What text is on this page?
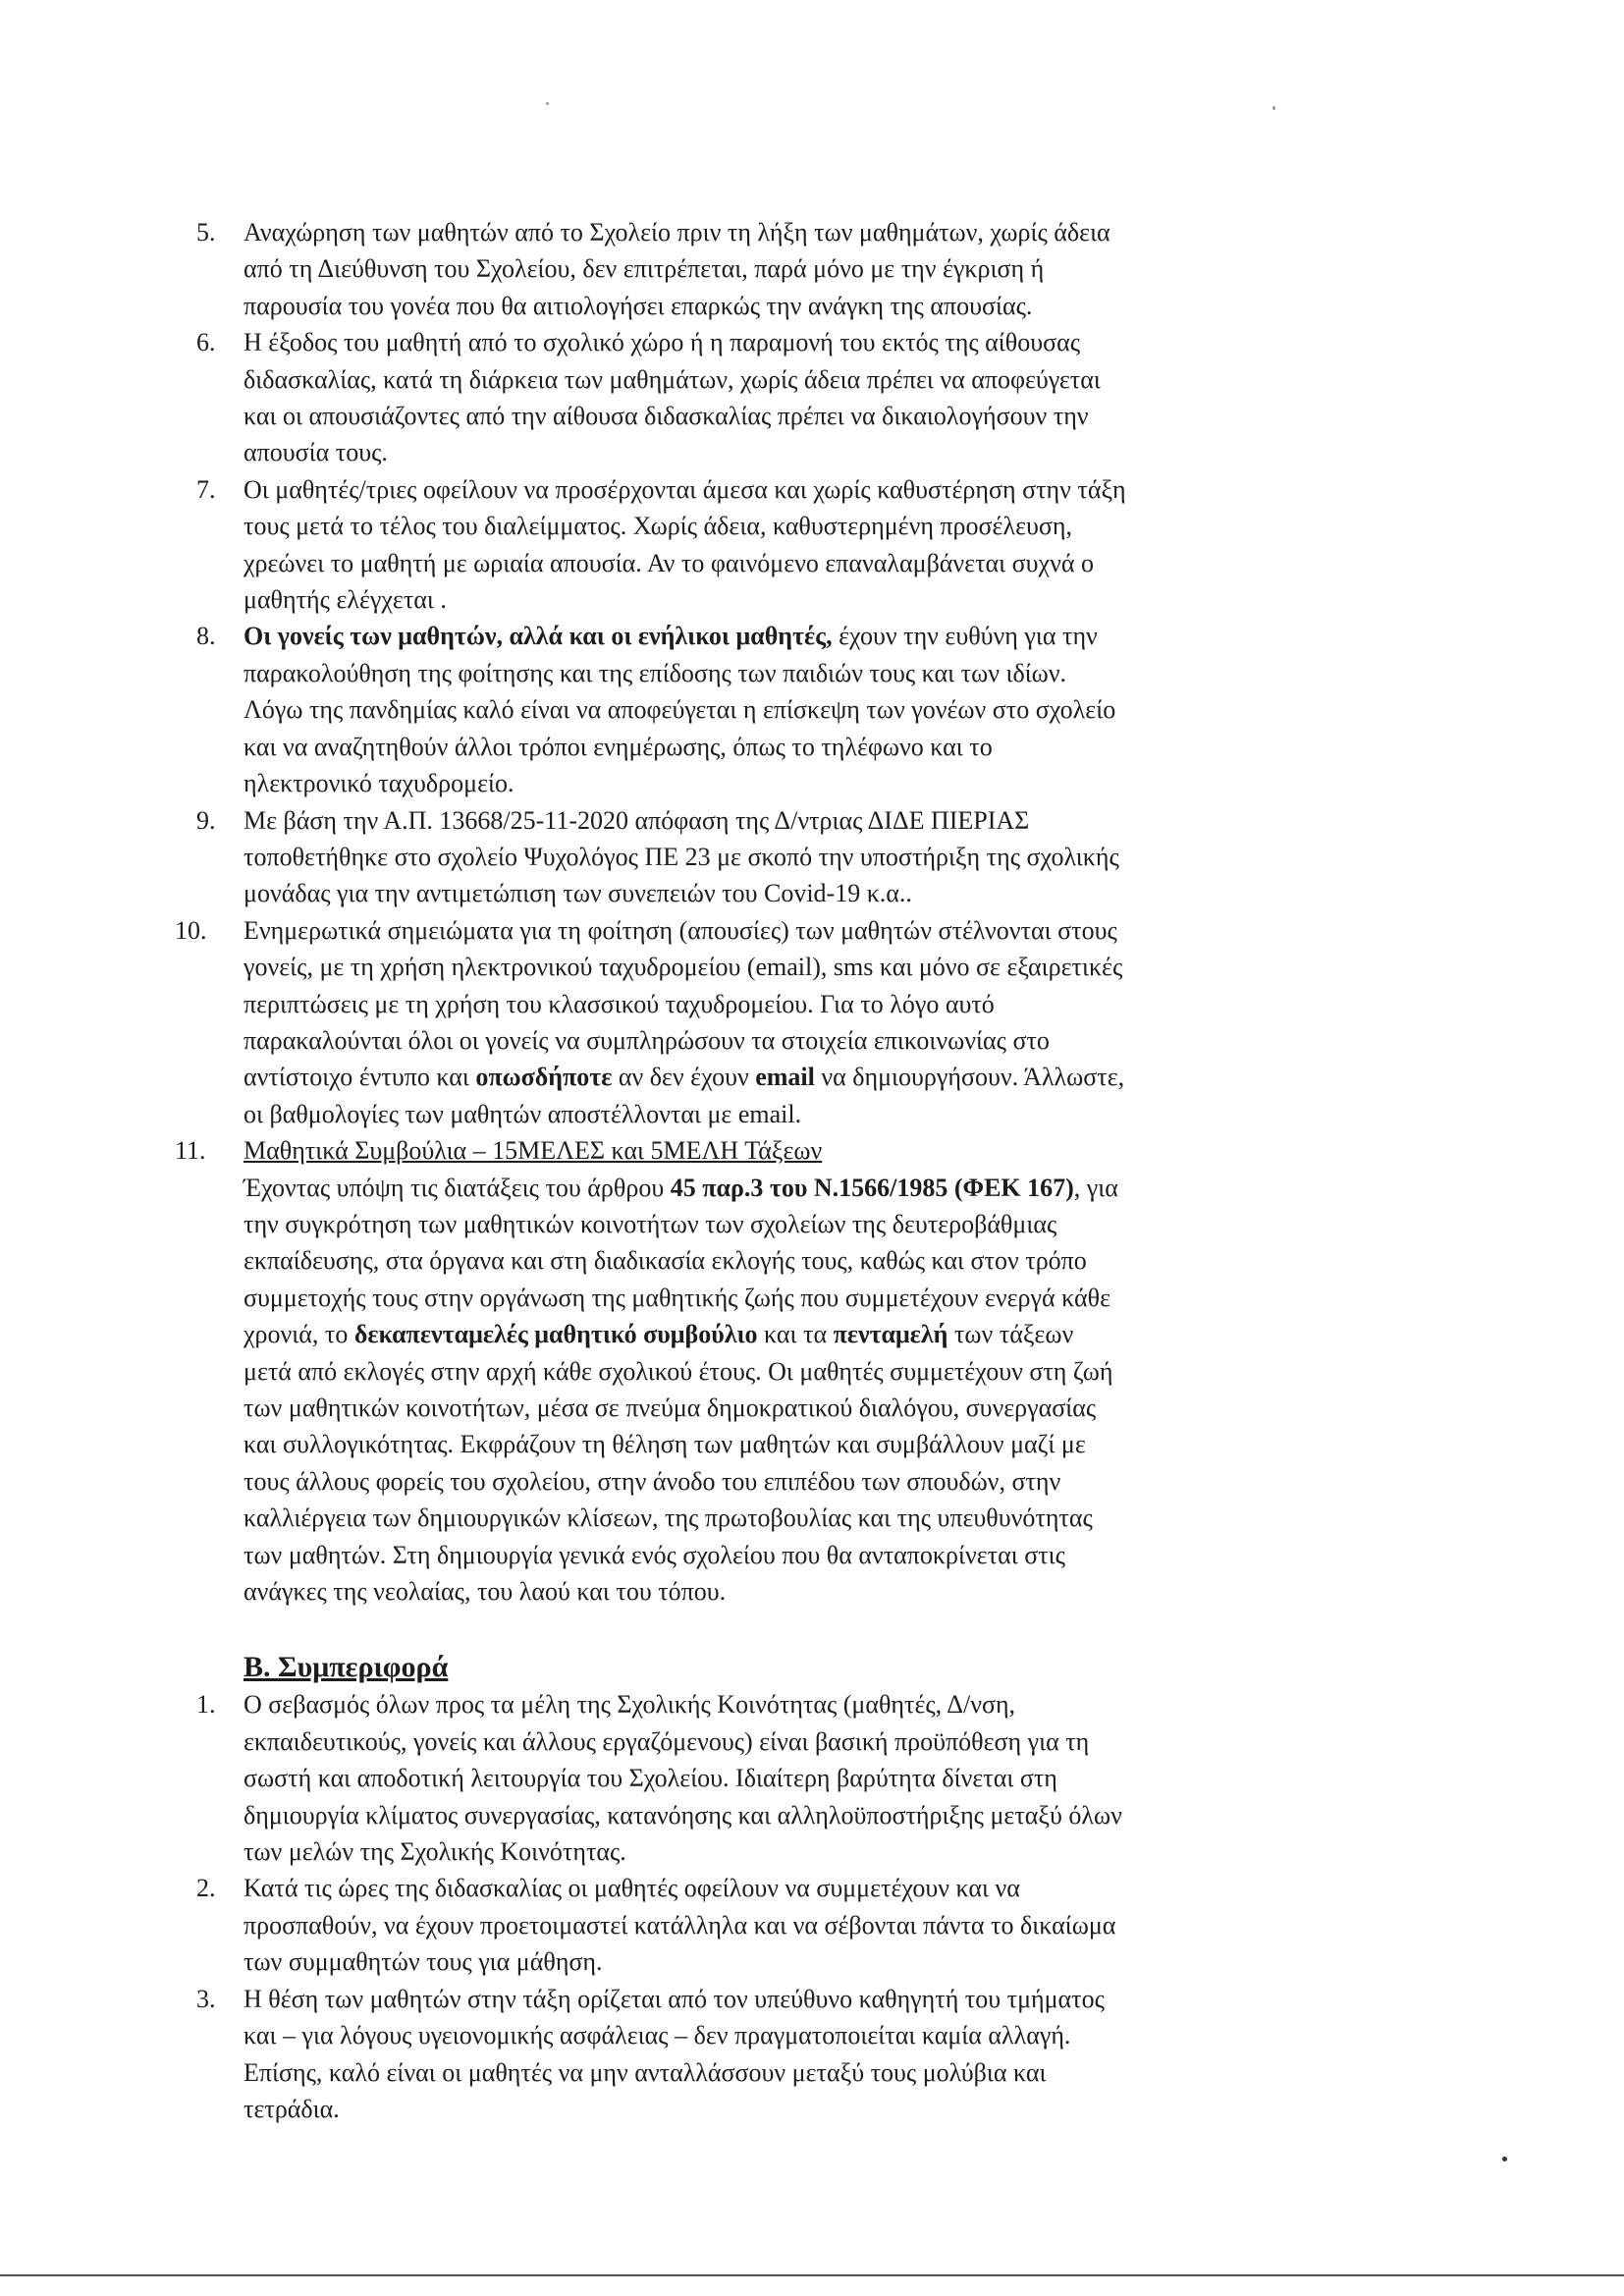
5.	Αναχώρηση των μαθητών από το Σχολείο πριν τη λήξη των μαθημάτων, χωρίς άδεια
από τη Διεύθυνση του Σχολείου, δεν επιτρέπεται, παρά μόνο με την έγκριση ή
παρουσία του γονέα που θα αιτιολογήσει επαρκώς την ανάγκη της απουσίας.
6.	Η έξοδος του μαθητή από το σχολικό χώρο ή η παραμονή του εκτός της αίθουσας
διδασκαλίας, κατά τη διάρκεια των μαθημάτων, χωρίς άδεια πρέπει να αποφεύγεται
και οι απουσιάζοντες από την αίθουσα διδασκαλίας πρέπει να δικαιολογήσουν την
απουσία τους.
7.	Οι μαθητές/τριες οφείλουν να προσέρχονται άμεσα και χωρίς καθυστέρηση στην τάξη
τους μετά το τέλος του διαλείμματος. Χωρίς άδεια, καθυστερημένη προσέλευση,
χρεώνει το μαθητή με ωριαία απουσία. Αν το φαινόμενο επαναλαμβάνεται συχνά ο
μαθητής ελέγχεται .
8.	Οι γονείς των μαθητών, αλλά και οι ενήλικοι μαθητές, έχουν την ευθύνη για την
παρακολούθηση της φοίτησης και της επίδοσης των παιδιών τους και των ιδίων.
Λόγω της πανδημίας καλό είναι να αποφεύγεται η επίσκεψη των γονέων στο σχολείο
και να αναζητηθούν άλλοι τρόποι ενημέρωσης, όπως το τηλέφωνο και το
ηλεκτρονικό ταχυδρομείο.
9.	Με βάση την Α.Π. 13668/25-11-2020 απόφαση της Δ/ντριας ΔΙΔΕ ΠΙΕΡΙΑΣ
τοποθετήθηκε στο σχολείο Ψυχολόγος ΠΕ 23 με σκοπό την υποστήριξη της σχολικής
μονάδας για την αντιμετώπιση των συνεπειών του Covid-19 κ.α..
10. Ενημερωτικά σημειώματα για τη φοίτηση (απουσίες) των μαθητών στέλνονται στους
γονείς, με τη χρήση ηλεκτρονικού ταχυδρομείου (email), sms και μόνο σε εξαιρετικές
περιπτώσεις με τη χρήση του κλασσικού ταχυδρομείου. Για το λόγο αυτό
παρακαλούνται όλοι οι γονείς να συμπληρώσουν τα στοιχεία επικοινωνίας στο
αντίστοιχο έντυπο και οπωσδήποτε αν δεν έχουν email να δημιουργήσουν. Άλλωστε,
οι βαθμολογίες των μαθητών αποστέλλονται με email.
11.	Μαθητικά Συμβούλια – 15ΜΕΛΕΣ και 5ΜΕΛΗ Τάξεων
Έχοντας υπόψη τις διατάξεις του άρθρου 45 παρ.3 του Ν.1566/1985 (ΦΕΚ 167), για
την συγκρότηση των μαθητικών κοινοτήτων των σχολείων της δευτεροβάθμιας
εκπαίδευσης, στα όργανα και στη διαδικασία εκλογής τους, καθώς και στον τρόπο
συμμετοχής τους στην οργάνωση της μαθητικής ζωής που συμμετέχουν ενεργά κάθε
χρονιά, το δεκαπενταμελές μαθητικό συμβούλιο και τα πενταμελή των τάξεων
μετά από εκλογές στην αρχή κάθε σχολικού έτους. Οι μαθητές συμμετέχουν στη ζωή
των μαθητικών κοινοτήτων, μέσα σε πνεύμα δημοκρατικού διαλόγου, συνεργασίας
και συλλογικότητας. Εκφράζουν τη θέληση των μαθητών και συμβάλλουν μαζί με
τους άλλους φορείς του σχολείου, στην άνοδο του επιπέδου των σπουδών, στην
καλλιέργεια των δημιουργικών κλίσεων, της πρωτοβουλίας και της υπευθυνότητας
των μαθητών. Στη δημιουργία γενικά ενός σχολείου που θα ανταποκρίνεται στις
ανάγκες της νεολαίας, του λαού και του τόπου.
Β. Συμπεριφορά
1.	Ο σεβασμός όλων προς τα μέλη της Σχολικής Κοινότητας (μαθητές, Δ/νση,
εκπαιδευτικούς, γονείς και άλλους εργαζόμενους) είναι βασική προϋπόθεση για τη
σωστή και αποδοτική λειτουργία του Σχολείου. Ιδιαίτερη βαρύτητα δίνεται στη
δημιουργία κλίματος συνεργασίας, κατανόησης και αλληλοϋποστήριξης μεταξύ όλων
των μελών της Σχολικής Κοινότητας.
2.	Κατά τις ώρες της διδασκαλίας οι μαθητές οφείλουν να συμμετέχουν και να
προσπαθούν, να έχουν προετοιμαστεί κατάλληλα και να σέβονται πάντα το δικαίωμα
των συμμαθητών τους για μάθηση.
3.	Η θέση των μαθητών στην τάξη ορίζεται από τον υπεύθυνο καθηγητή του τμήματος
και – για λόγους υγειονομικής ασφάλειας – δεν πραγματοποιείται καμία αλλαγή.
Επίσης, καλό είναι οι μαθητές να μην ανταλλάσσουν μεταξύ τους μολύβια και
τετράδια.
